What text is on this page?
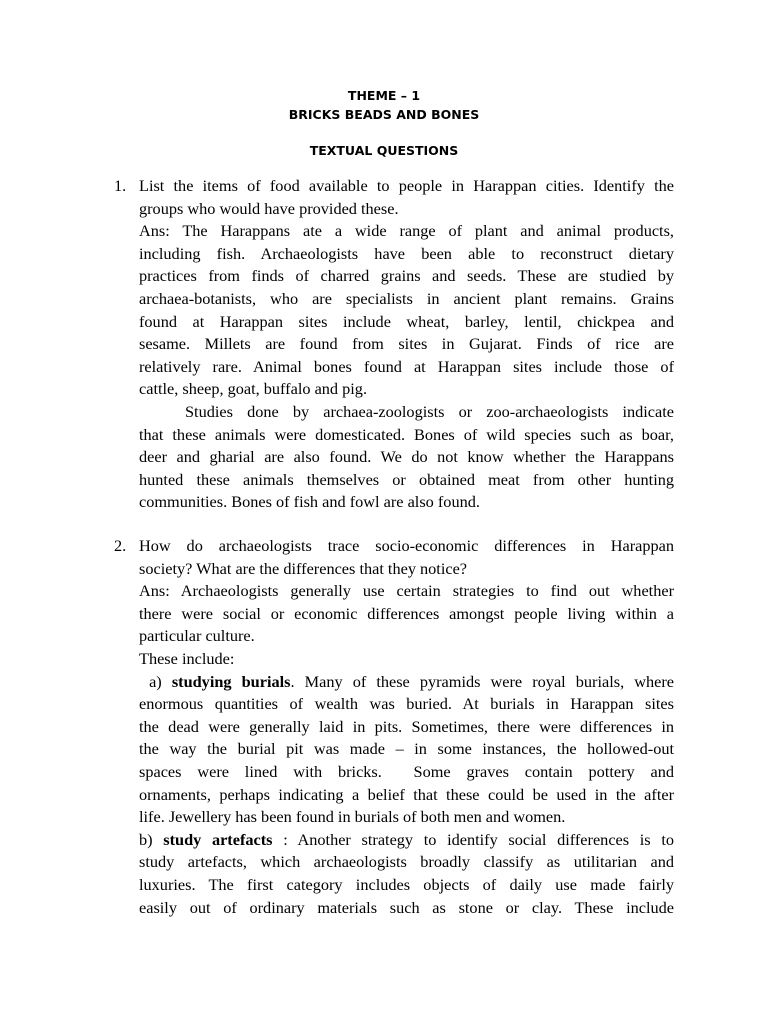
THEME – 1
BRICKS BEADS AND BONES
TEXTUAL QUESTIONS
1. List the items of food available to people in Harappan cities. Identify the
groups who would have provided these.
Ans: The Harappans ate a wide range of plant and animal products,
including fish. Archaeologists have been able to reconstruct dietary
practices from finds of charred grains and seeds. These are studied by
archaea-botanists, who are specialists in ancient plant remains. Grains
found at Harappan sites include wheat, barley, lentil, chickpea and
sesame. Millets are found from sites in Gujarat. Finds of rice are
relatively rare. Animal bones found at Harappan sites include those of
cattle, sheep, goat, buffalo and pig.
Studies done by archaea-zoologists or zoo-archaeologists indicate
that these animals were domesticated. Bones of wild species such as boar,
deer and gharial are also found. We do not know whether the Harappans
hunted these animals themselves or obtained meat from other hunting
communities. Bones of fish and fowl are also found.
2. How do archaeologists trace socio-economic differences in Harappan
society? What are the differences that they notice?
Ans: Archaeologists generally use certain strategies to find out whether
there were social or economic differences amongst people living within a
particular culture.
These include:
a) studying burials. Many of these pyramids were royal burials, where
enormous quantities of wealth was buried. At burials in Harappan sites
the dead were generally laid in pits. Sometimes, there were differences in
the way the burial pit was made – in some instances, the hollowed-out
spaces were lined with bricks.  Some graves contain pottery and
ornaments, perhaps indicating a belief that these could be used in the after
life. Jewellery has been found in burials of both men and women.
b) study artefacts : Another strategy to identify social differences is to
study artefacts, which archaeologists broadly classify as utilitarian and
luxuries. The first category includes objects of daily use made fairly
easily out of ordinary materials such as stone or clay. These include
